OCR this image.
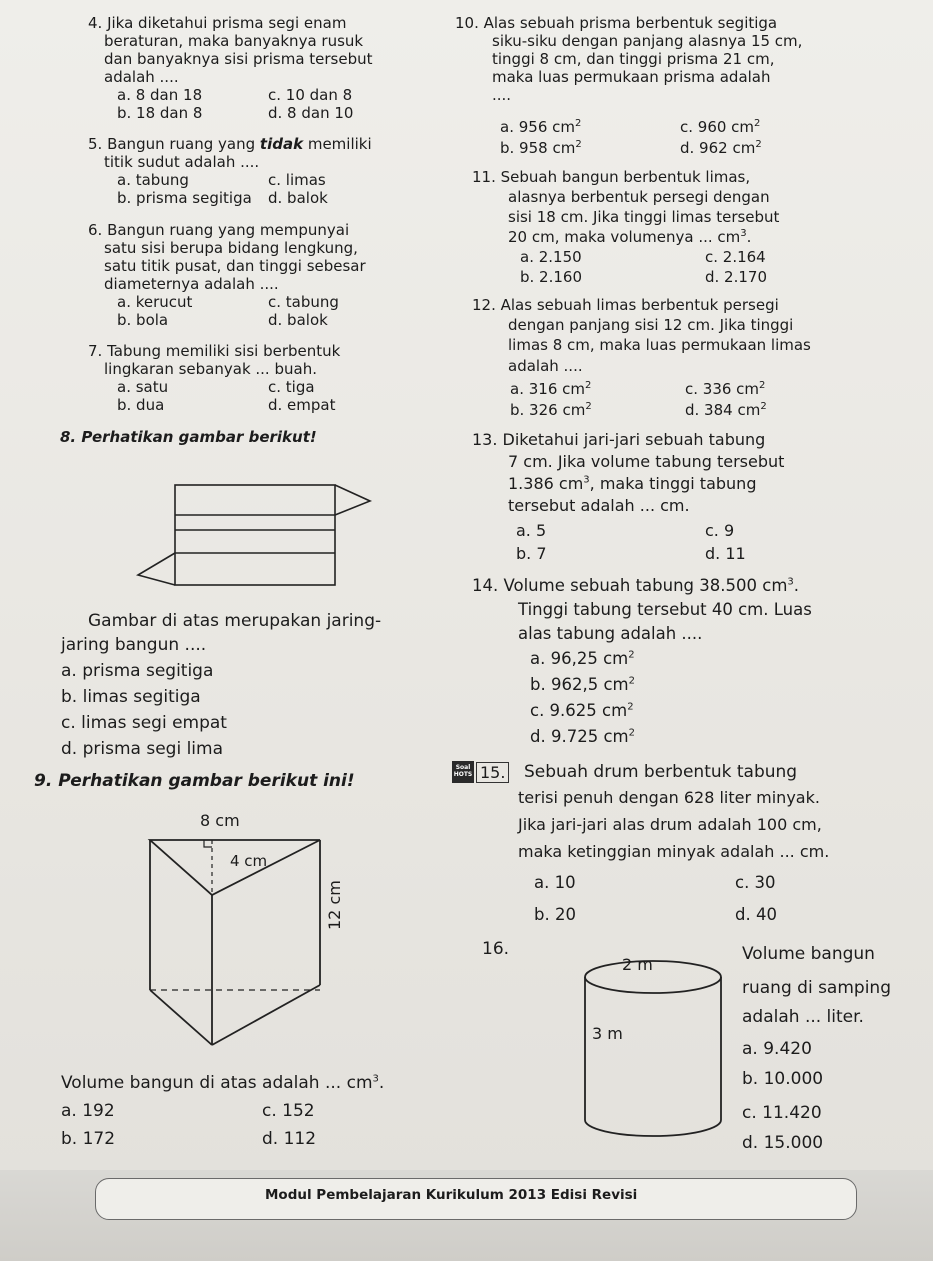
4. Jika diketahui prisma segi enam
beraturan, maka banyaknya rusuk
dan banyaknya sisi prisma tersebut
adalah ....
a. 8 dan 18
b. 18 dan 8
c. 10 dan 8
d. 8 dan 10
5. Bangun ruang yang tidak memiliki
titik sudut adalah ....
a. tabung
b. prisma segitiga
c. limas
d. balok
6. Bangun ruang yang mempunyai
satu sisi berupa bidang lengkung,
satu titik pusat, dan tinggi sebesar
diameternya adalah ....
a. kerucut
b. bola
c. tabung
d. balok
7. Tabung memiliki sisi berbentuk
lingkaran sebanyak ... buah.
a. satu
b. dua
c. tiga
d. empat
8. Perhatikan gambar berikut!
Gambar di atas merupakan jaring-
jaring bangun ....
a. prisma segitiga
b. limas segitiga
c. limas segi empat
d. prisma segi lima
9. Perhatikan gambar berikut ini!
8 cm
4 cm
12 cm
Volume bangun di atas adalah ... $cm^3$.
a. 192
b. 172
c. 152
d. 112
10. Alas sebuah prisma berbentuk segitiga
siku-siku dengan panjang alasnya 15 cm,
tinggi 8 cm, dan tinggi prisma 21 cm,
maka luas permukaan prisma adalah
....
a. 956 $cm^2$
b. 958 $cm^2$
c. 960 $cm^2$
d. 962 $cm^2$
11. Sebuah bangun berbentuk limas,
alasnya berbentuk persegi dengan
sisi 18 cm. Jika tinggi limas tersebut
20 cm, maka volumenya ... $cm^3$.
a. 2.150
b. 2.160
c. 2.164
d. 2.170
12. Alas sebuah limas berbentuk persegi
dengan panjang sisi 12 cm. Jika tinggi
limas 8 cm, maka luas permukaan limas
adalah ....
a. 316 $cm^2$
b. 326 $cm^2$
c. 336 $cm^2$
d. 384 $cm^2$
13. Diketahui jari-jari sebuah tabung
7 cm. Jika volume tabung tersebut
1.386 $cm^3$, maka tinggi tabung
tersebut adalah ... cm.
a. 5
b. 7
c. 9
d. 11
14. Volume sebuah tabung 38.500 $cm^3$.
Tinggi tabung tersebut 40 cm. Luas
alas tabung adalah ....
a. 96,25 $cm^2$
b. 962,5 $cm^2$
c. 9.625 $cm^2$
d. 9.725 $cm^2$
Soal HOTS 15. Sebuah drum berbentuk tabung
terisi penuh dengan 628 liter minyak.
Jika jari-jari alas drum adalah 100 cm,
maka ketinggian minyak adalah ... cm.
a. 10
b. 20
c. 30
d. 40
16.
2 m
3 m
Volume bangun
ruang di samping
adalah ... liter.
a. 9.420
b. 10.000
c. 11.420
d. 15.000
Modul Pembelajaran Kurikulum 2013 Edisi Revisi
